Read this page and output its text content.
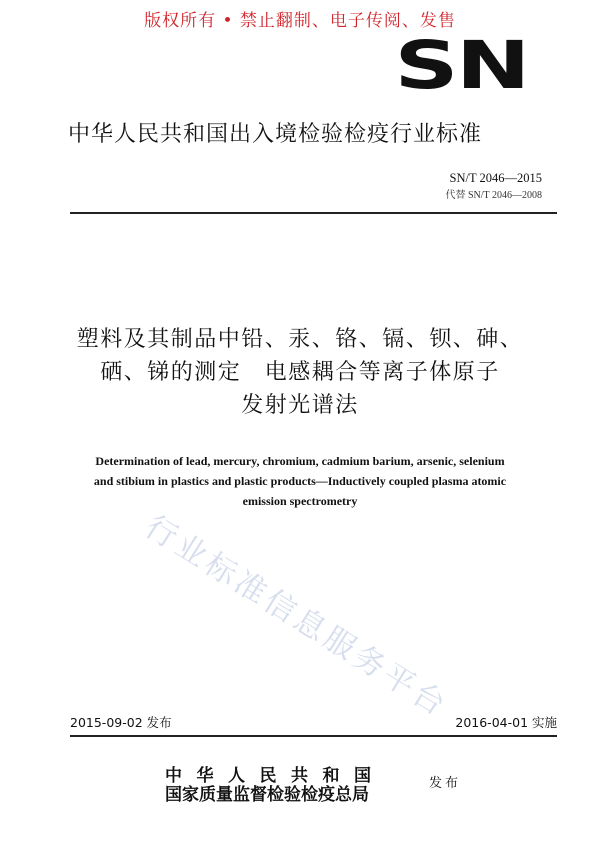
版权所有 • 禁止翻制、电子传阅、发售
SN
中华人民共和国出入境检验检疫行业标准
SN/T 2046—2015
代替 SN/T 2046—2008
塑料及其制品中铅、汞、铬、镉、钡、砷、
硒、锑的测定　电感耦合等离子体原子
发射光谱法
Determination of lead, mercury, chromium, cadmium barium, arsenic, selenium
and stibium in plastics and plastic products—Inductively coupled plasma atomic
emission spectrometry
行业标准信息服务平台
2015-09-02 发布	2016-04-01 实施
中华人民共和国
国家质量监督检验检疫总局
发布
